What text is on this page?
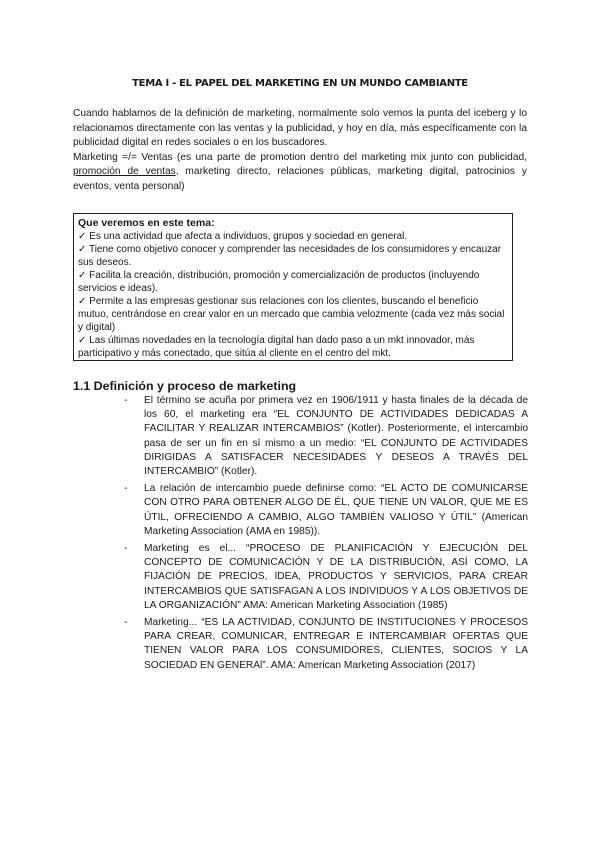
TEMA I - EL PAPEL DEL MARKETING EN UN MUNDO CAMBIANTE

Cuando hablamos de la definición de marketing, normalmente solo vemos la punta del iceberg y lo relacionamos directamente con las ventas y la publicidad, y hoy en día, más específicamente con la publicidad digital en redes sociales o en los buscadores.

Marketing =/= Ventas (es una parte de promotion dentro del marketing mix junto con publicidad, promoción de ventas, marketing directo, relaciones públicas, marketing digital, patrocinios y eventos, venta personal)

Que veremos en este tema:

✓ Es una actividad que afecta a individuos, grupos y sociedad en general.

✓ Tiene como objetivo conocer y comprender las necesidades de los consumidores y encauzar sus deseos.

✓ Facilita la creación, distribución, promoción y comercialización de productos (incluyendo servicios e ideas).

✓ Permite a las empresas gestionar sus relaciones con los clientes, buscando el beneficio mutuo, centrándose en crear valor en un mercado que cambia velozmente (cada vez más social y digital)

✓ Las últimas novedades en la tecnología digital han dado paso a un mkt innovador, más participativo y más conectado, que sitúa al cliente en el centro del mkt.

1.1 Definición y proceso de marketing
- El término se acuña por primera vez en 1906/1911 y hasta finales de la década de los 60, el marketing era “EL CONJUNTO DE ACTIVIDADES DEDICADAS A FACILITAR Y REALIZAR INTERCAMBIOS” (Kotler). Posteriormente, el intercambio pasa de ser un fin en sí mismo a un medio: “EL CONJUNTO DE ACTIVIDADES DIRIGIDAS A SATISFACER NECESIDADES Y DESEOS A TRAVÉS DEL INTERCAMBIO” (Kotler).
- La relación de intercambio puede definirse como: “EL ACTO DE COMUNICARSE CON OTRO PARA OBTENER ALGO DE ÉL, QUE TIENE UN VALOR, QUE ME ES ÚTIL, OFRECIENDO A CAMBIO, ALGO TAMBIÉN VALIOSO Y ÚTIL” (American Marketing Association (AMA en 1985)).
- Marketing es el... “PROCESO DE PLANIFICACIÓN Y EJECUCIÓN DEL CONCEPTO DE COMUNICACIÓN Y DE LA DISTRIBUCIÓN, ASÍ COMO, LA FIJACIÓN DE PRECIOS, IDEA, PRODUCTOS Y SERVICIOS, PARA CREAR INTERCAMBIOS QUE SATISFAGAN A LOS INDIVIDUOS Y A LOS OBJETIVOS DE LA ORGANIZACIÓN” AMA: American Marketing Association (1985)
- Marketing... “ES LA ACTIVIDAD, CONJUNTO DE INSTITUCIONES Y PROCESOS PARA CREAR, COMUNICAR, ENTREGAR E INTERCAMBIAR OFERTAS QUE TIENEN VALOR PARA LOS CONSUMIDORES, CLIENTES, SOCIOS Y LA SOCIEDAD EN GENERAl”. AMA: American Marketing Association (2017)
